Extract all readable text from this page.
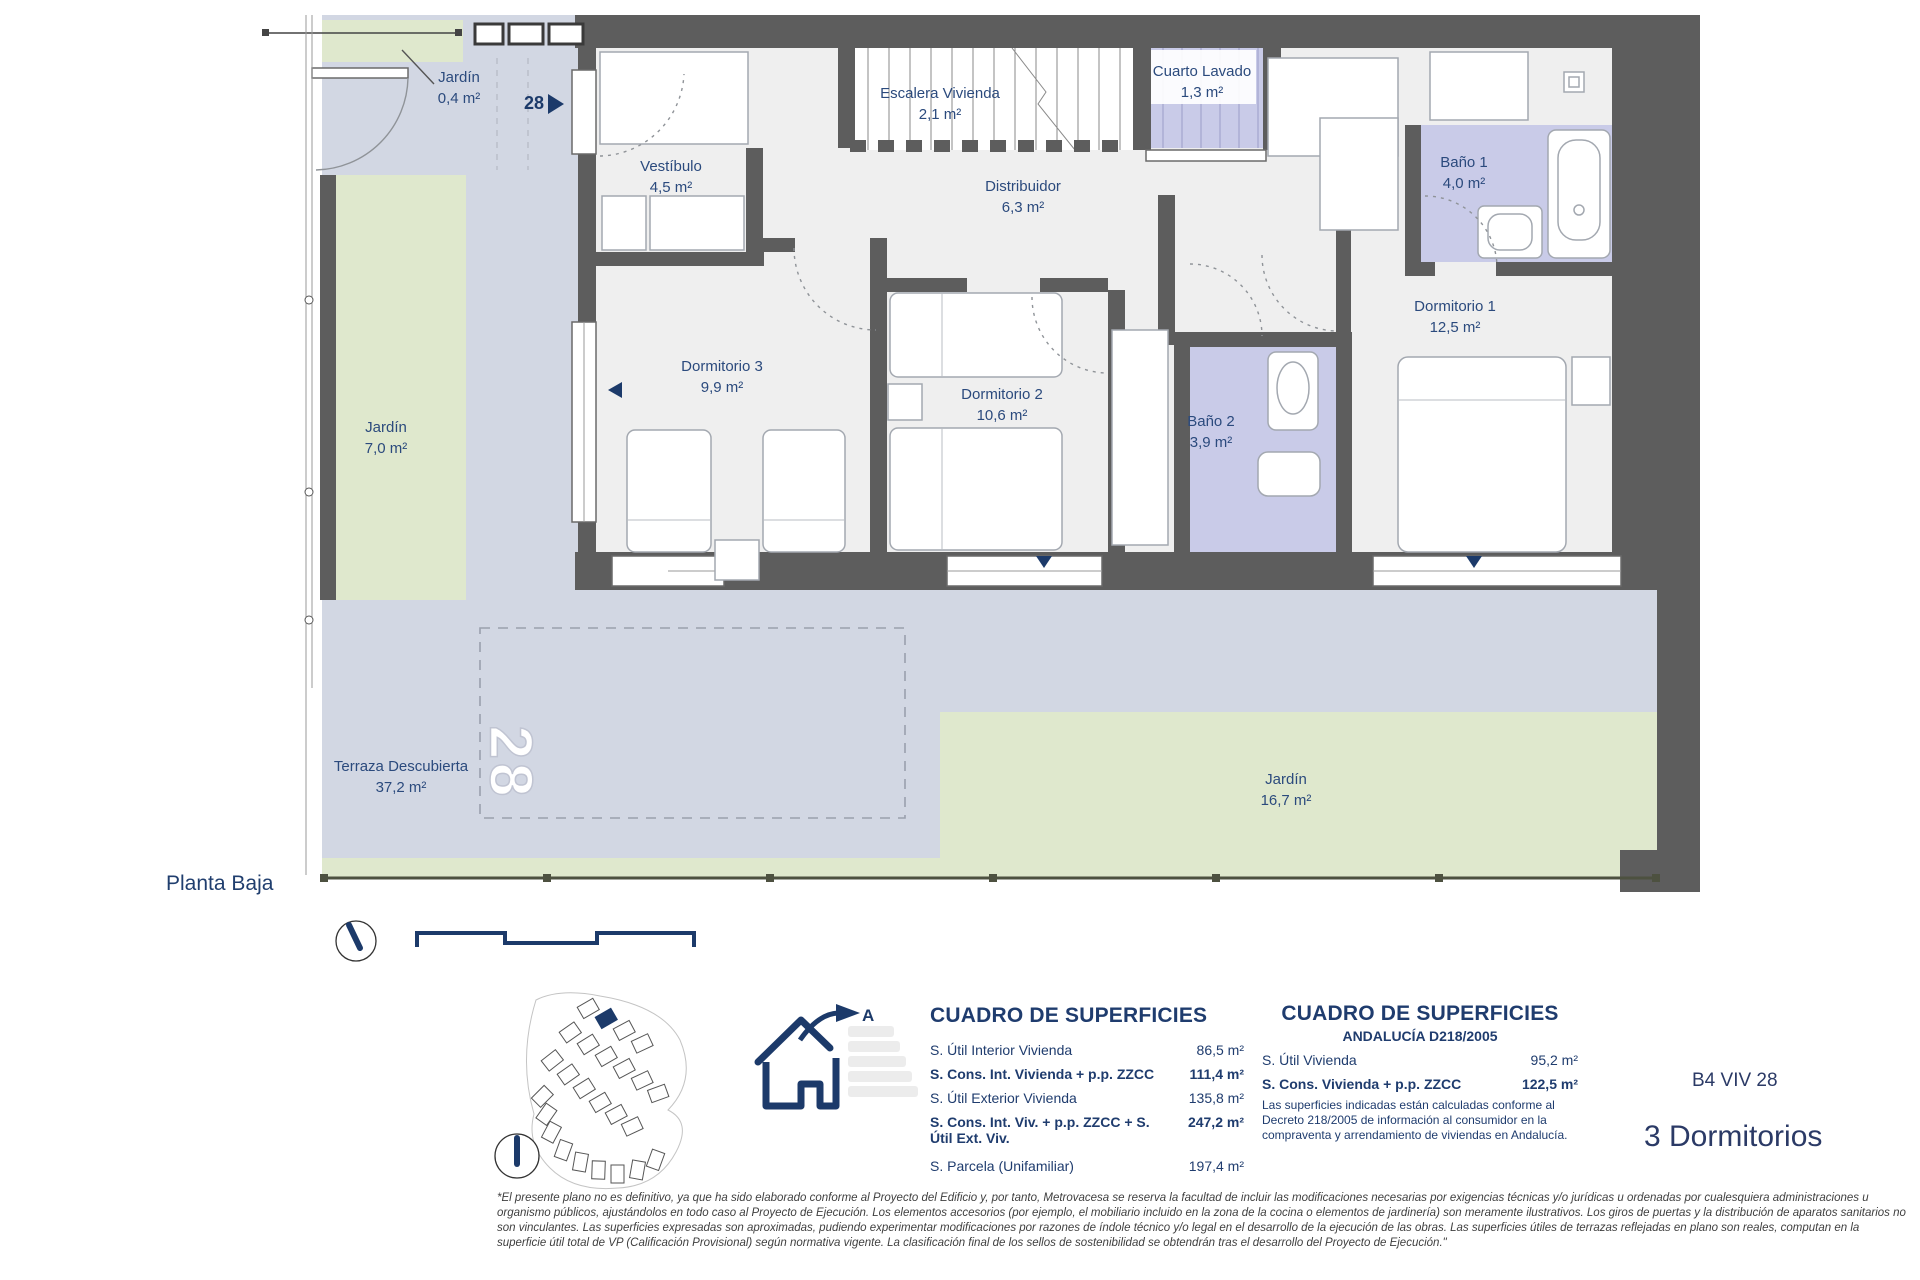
Jardín
0,4 m²
Vestíbulo
4,5 m²
Escalera Vivienda
2,1 m²
Cuarto Lavado
1,3 m²
Baño 1
4,0 m²
Distribuidor
6,3 m²
Dormitorio 3
9,9 m²	Dormitorio 2
10,6 m²	Baño 2
3,9 m²
Dormitorio 1
12,5 m²
Jardín
7,0 m²
Terraza Descubierta
37,2 m²	Jardín
16,7 m²
28
28
Planta Baja
A	CUADRO DE SUPERFICIES
S. Útil Interior Vivienda	86,5 m²
S. Cons. Int. Vivienda + p.p. ZZCC	111,4 m²
S. Útil Exterior Vivienda	135,8 m²
S. Cons. Int. Viv. + p.p. ZZCC + S. Útil Ext. Viv.
247,2 m²
S. Parcela (Unifamiliar)	197,4 m²
CUADRO DE SUPERFICIES
ANDALUCÍA D218/2005
S. Útil Vivienda	95,2 m²
S. Cons. Vivienda + p.p. ZZCC	122,5 m²
Las superficies indicadas están calculadas conforme al Decreto 218/2005 de información al consumidor en la compraventa y arrendamiento de viviendas en Andalucía.
B4 VIV 28
3 Dormitorios
*El presente plano no es definitivo, ya que ha sido elaborado conforme al Proyecto del Edificio y, por tanto, Metrovacesa se reserva la facultad de incluir las modificaciones necesarias por exigencias técnicas y/o jurídicas u ordenadas por cualesquiera administraciones u
organismo públicos, ajustándolos en todo caso al Proyecto de Ejecución. Los elementos accesorios (por ejemplo, el mobiliario incluido en la zona de la cocina o elementos de jardinería) son meramente ilustrativos. Los giros de puertas y la distribución de aparatos sanitarios no
son vinculantes. Las superficies expresadas son aproximadas, pudiendo experimentar modificaciones por razones de índole técnico y/o legal en el desarrollo de la ejecución de las obras. Las superficies útiles de terrazas reflejadas en plano son reales, computan en la
superficie útil total de VP (Calificación Provisional) según normativa vigente. La clasificación final de los sellos de sostenibilidad se obtendrán tras el desarrollo del Proyecto de Ejecución."
